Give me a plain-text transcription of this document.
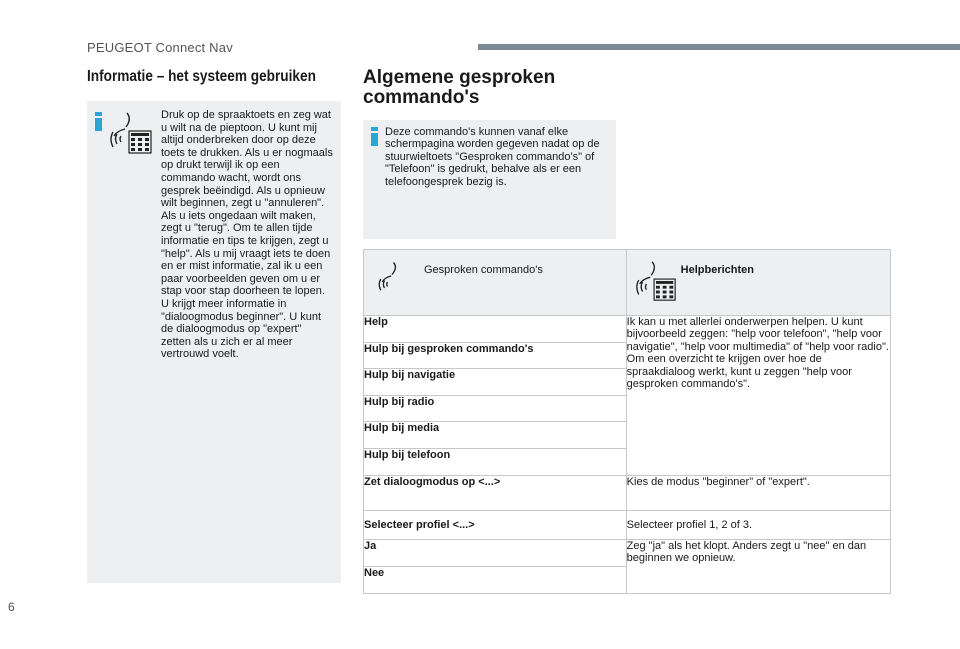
PEUGEOT Connect Nav
Informatie – het systeem gebruiken
Druk op de spraaktoets en zeg wat u wilt na de pieptoon. U kunt mij altijd onderbreken door op deze toets te drukken. Als u er nogmaals op drukt terwijl ik op een commando wacht, wordt ons gesprek beëindigd. Als u opnieuw wilt beginnen, zegt u "annuleren". Als u iets ongedaan wilt maken, zegt u "terug". Om te allen tijde informatie en tips te krijgen, zegt u "help". Als u mij vraagt iets te doen en er mist informatie, zal ik u een paar voorbeelden geven om u er stap voor stap doorheen te lopen. U krijgt meer informatie in "dialoogmodus beginner". U kunt de dialoogmodus op "expert" zetten als u zich er al meer vertrouwd voelt.
Algemene gesproken
commando's
Deze commando's kunnen vanaf elke schermpagina worden gegeven nadat op de stuurwieltoets "Gesproken commando's" of "Telefoon" is gedrukt, behalve als er een telefoongesprek bezig is.
Gesproken commando's	Helpberichten

Help	Ik kan u met allerlei onderwerpen helpen. U kunt bijvoorbeeld zeggen: "help voor telefoon", "help voor navigatie", "help voor multimedia" of "help voor radio". Om een overzicht te krijgen over hoe de spraakdialoog werkt, kunt u zeggen "help voor gesproken commando's".
Hulp bij gesproken commando's	
Hulp bij navigatie	
Hulp bij radio	
Hulp bij media	
Hulp bij telefoon	
Zet dialoogmodus op <...>	Kies de modus "beginner" of "expert".
Selecteer profiel <...>	Selecteer profiel 1, 2 of 3.
Ja	Zeg "ja" als het klopt. Anders zegt u "nee" en dan beginnen we opnieuw.
Nee	
6
